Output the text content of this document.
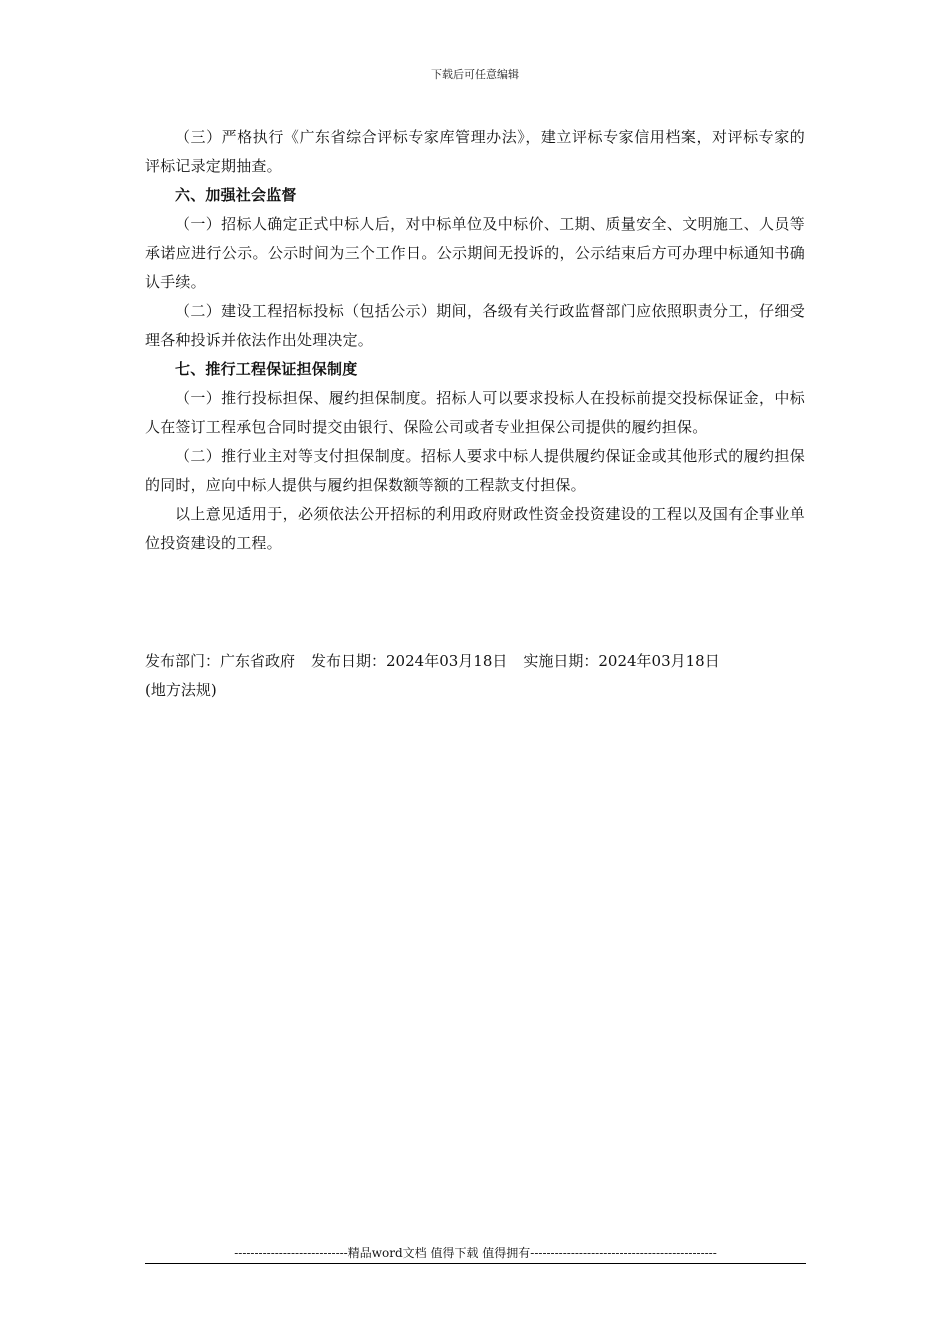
下载后可任意编辑

（三）严格执行《广东省综合评标专家库管理办法》，建立评标专家信用档案，对评标专家的评标记录定期抽查。

六、加强社会监督

（一）招标人确定正式中标人后，对中标单位及中标价、工期、质量安全、文明施工、人员等承诺应进行公示。公示时间为三个工作日。公示期间无投诉的，公示结束后方可办理中标通知书确认手续。

（二）建设工程招标投标（包括公示）期间，各级有关行政监督部门应依照职责分工，仔细受理各种投诉并依法作出处理决定。

七、推行工程保证担保制度

（一）推行投标担保、履约担保制度。招标人可以要求投标人在投标前提交投标保证金，中标人在签订工程承包合同时提交由银行、保险公司或者专业担保公司提供的履约担保。

（二）推行业主对等支付担保制度。招标人要求中标人提供履约保证金或其他形式的履约担保的同时，应向中标人提供与履约担保数额等额的工程款支付担保。

以上意见适用于，必须依法公开招标的利用政府财政性资金投资建设的工程以及国有企事业单位投资建设的工程。

发布部门：广东省政府 发布日期：2024年03月18日 实施日期：2024年03月18日
(地方法规)
----------------------------精品word文档 值得下载 值得拥有----------------------------------------------
